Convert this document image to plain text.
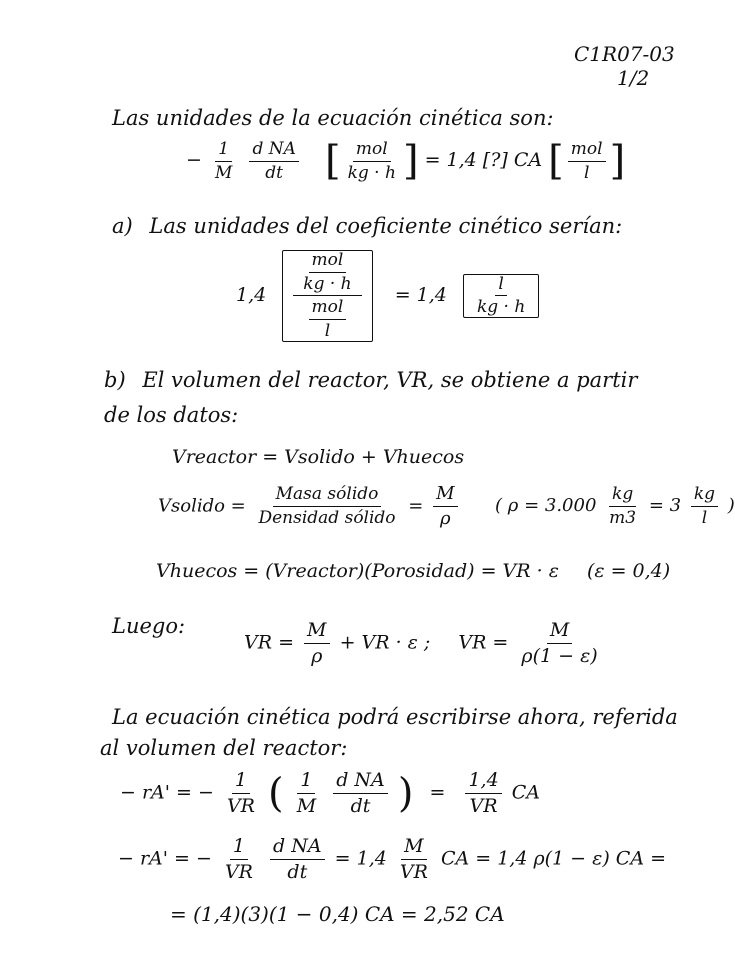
C1R07-03
1/2
Las unidades de la ecuación cinética son:
− $\frac{1}{M}$
$\frac{\text{d NA}}{dt}$ [ $\frac{\text{mol}}{kg \cdot h}$ ] = 1,4 [?] CA [ $\frac{\text{mol}}{l}$ ]
a) Las unidades del coeficiente cinético serían:
$1,4 \frac{\frac{\text{mol}}{kg \cdot h}}{\frac{\text{mol}}{l}} = 1,4 \frac{l}{kg \cdot h}$
b) El volumen del reactor, VR, se obtiene a partir
de los datos:
Vreactor = Vsolido + Vhuecos
Vsolido = $\frac{\text{Masa sólido}}{\text{Densidad sólido}} = \frac{M}{\rho}$ ( $\rho = 3.000 \frac{kg}{m3} = 3 \frac{kg}{l}$ )
Vhuecos = (Vreactor)(Porosidad) = VR · ε (ε = 0,4)
Luego:
VR = $\frac{M}{\rho}$ + VR · ε ; VR = $\frac{M}{\rho(1 - \varepsilon)}$
La ecuación cinética podrá escribirse ahora, referida
al volumen del reactor:
− rA' = − $\frac{1}{VR}$ ( $\frac{1}{M}$
$\frac{\text{d NA}}{dt}$ ) = $\frac{1,4}{VR}$ CA
− rA' = − $\frac{1}{VR}$
$\frac{\text{d NA}}{dt} = 1,4 \frac{M}{VR}$ CA = 1,4 ρ(1 − ε) CA =
= (1,4)(3)(1 − 0,4) CA = 2,52 CA
